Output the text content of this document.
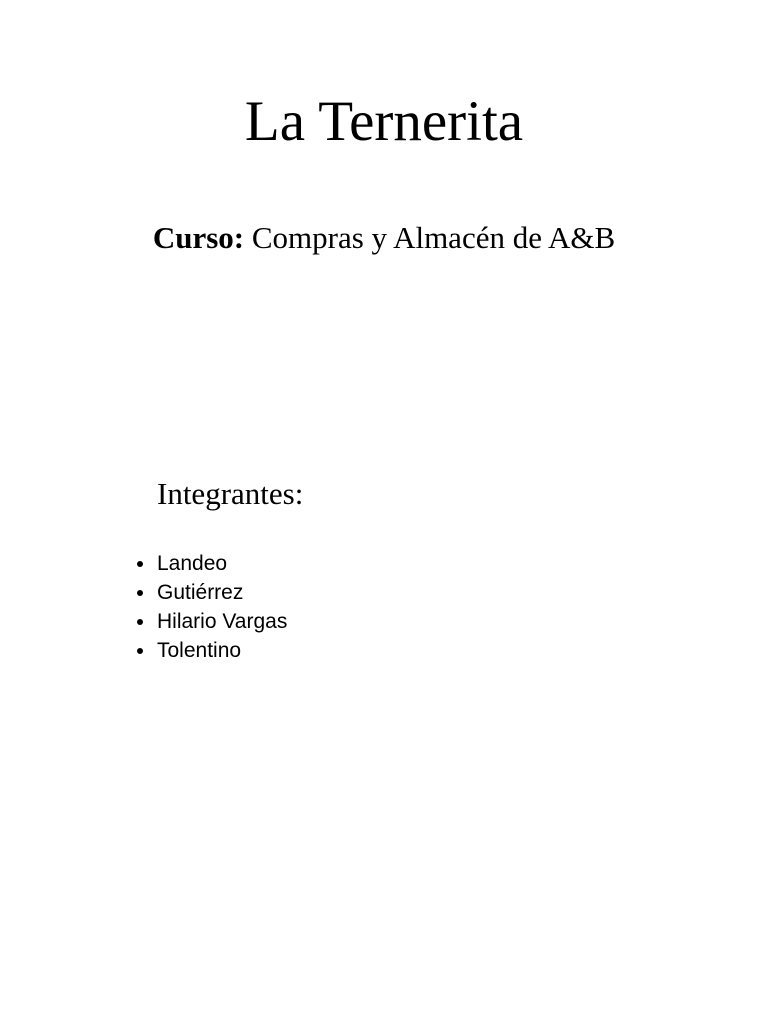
La Ternerita

Curso: Compras y Almacén de A&B

Integrantes:
Landeo
Gutiérrez
Hilario Vargas
Tolentino
